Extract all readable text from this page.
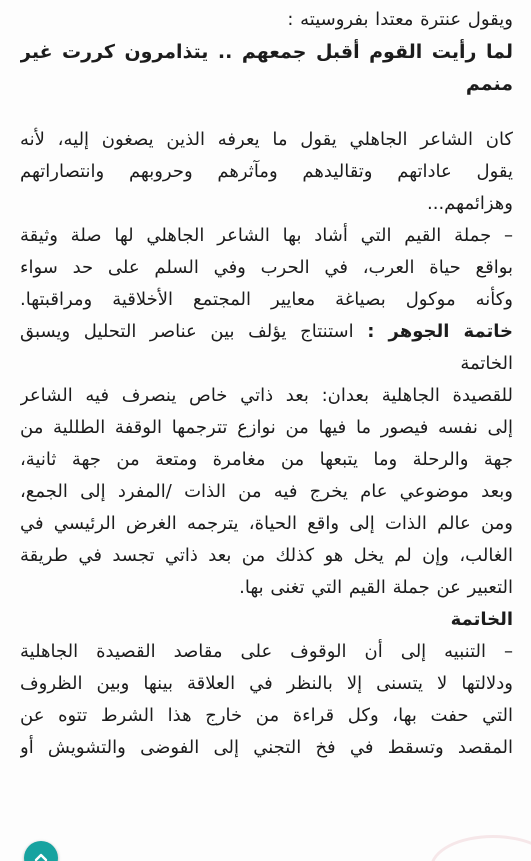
ويقول عنترة معتدا بفروسيته :
لما رأيت القوم أقبل جمعهم .. يتذامرون كررت غير
منمم
كان الشاعر الجاهلي يقول ما يعرفه الذين يصغون إليه، لأنه
يقول عاداتهم وتقاليدهم ومآثرهم وحروبهم وانتصاراتهم
وهزائمهم...
– جملة القيم التي أشاد بها الشاعر الجاهلي لها صلة وثيقة
بواقع حياة العرب، في الحرب وفي السلم على حد سواء
وكأنه موكول بصياغة معايير المجتمع الأخلاقية ومراقبتها.
خاتمة الجوهر : استنتاج يؤلف بين عناصر التحليل ويسبق
الخاتمة
للقصيدة الجاهلية بعدان: بعد ذاتي خاص ينصرف فيه الشاعر
إلى نفسه فيصور ما فيها من نوازع تترجمها الوقفة الطللية من
جهة والرحلة وما يتبعها من مغامرة ومتعة من جهة ثانية،
وبعد موضوعي عام يخرج فيه من الذات /المفرد إلى الجمع،
ومن عالم الذات إلى واقع الحياة، يترجمه الغرض الرئيسي في
الغالب، وإن لم يخل هو كذلك من بعد ذاتي تجسد في طريقة
التعبير عن جملة القيم التي تغنى بها.
الخاتمة
– التنبيه إلى أن الوقوف على مقاصد القصيدة الجاهلية
ودلالتها لا يتسنى إلا بالنظر في العلاقة بينها وبين الظروف
التي حفت بها، وكل قراءة من خارج هذا الشرط تتوه عن
المقصد وتسقط في فخ التجني إلى الفوضى والتشويش أو
